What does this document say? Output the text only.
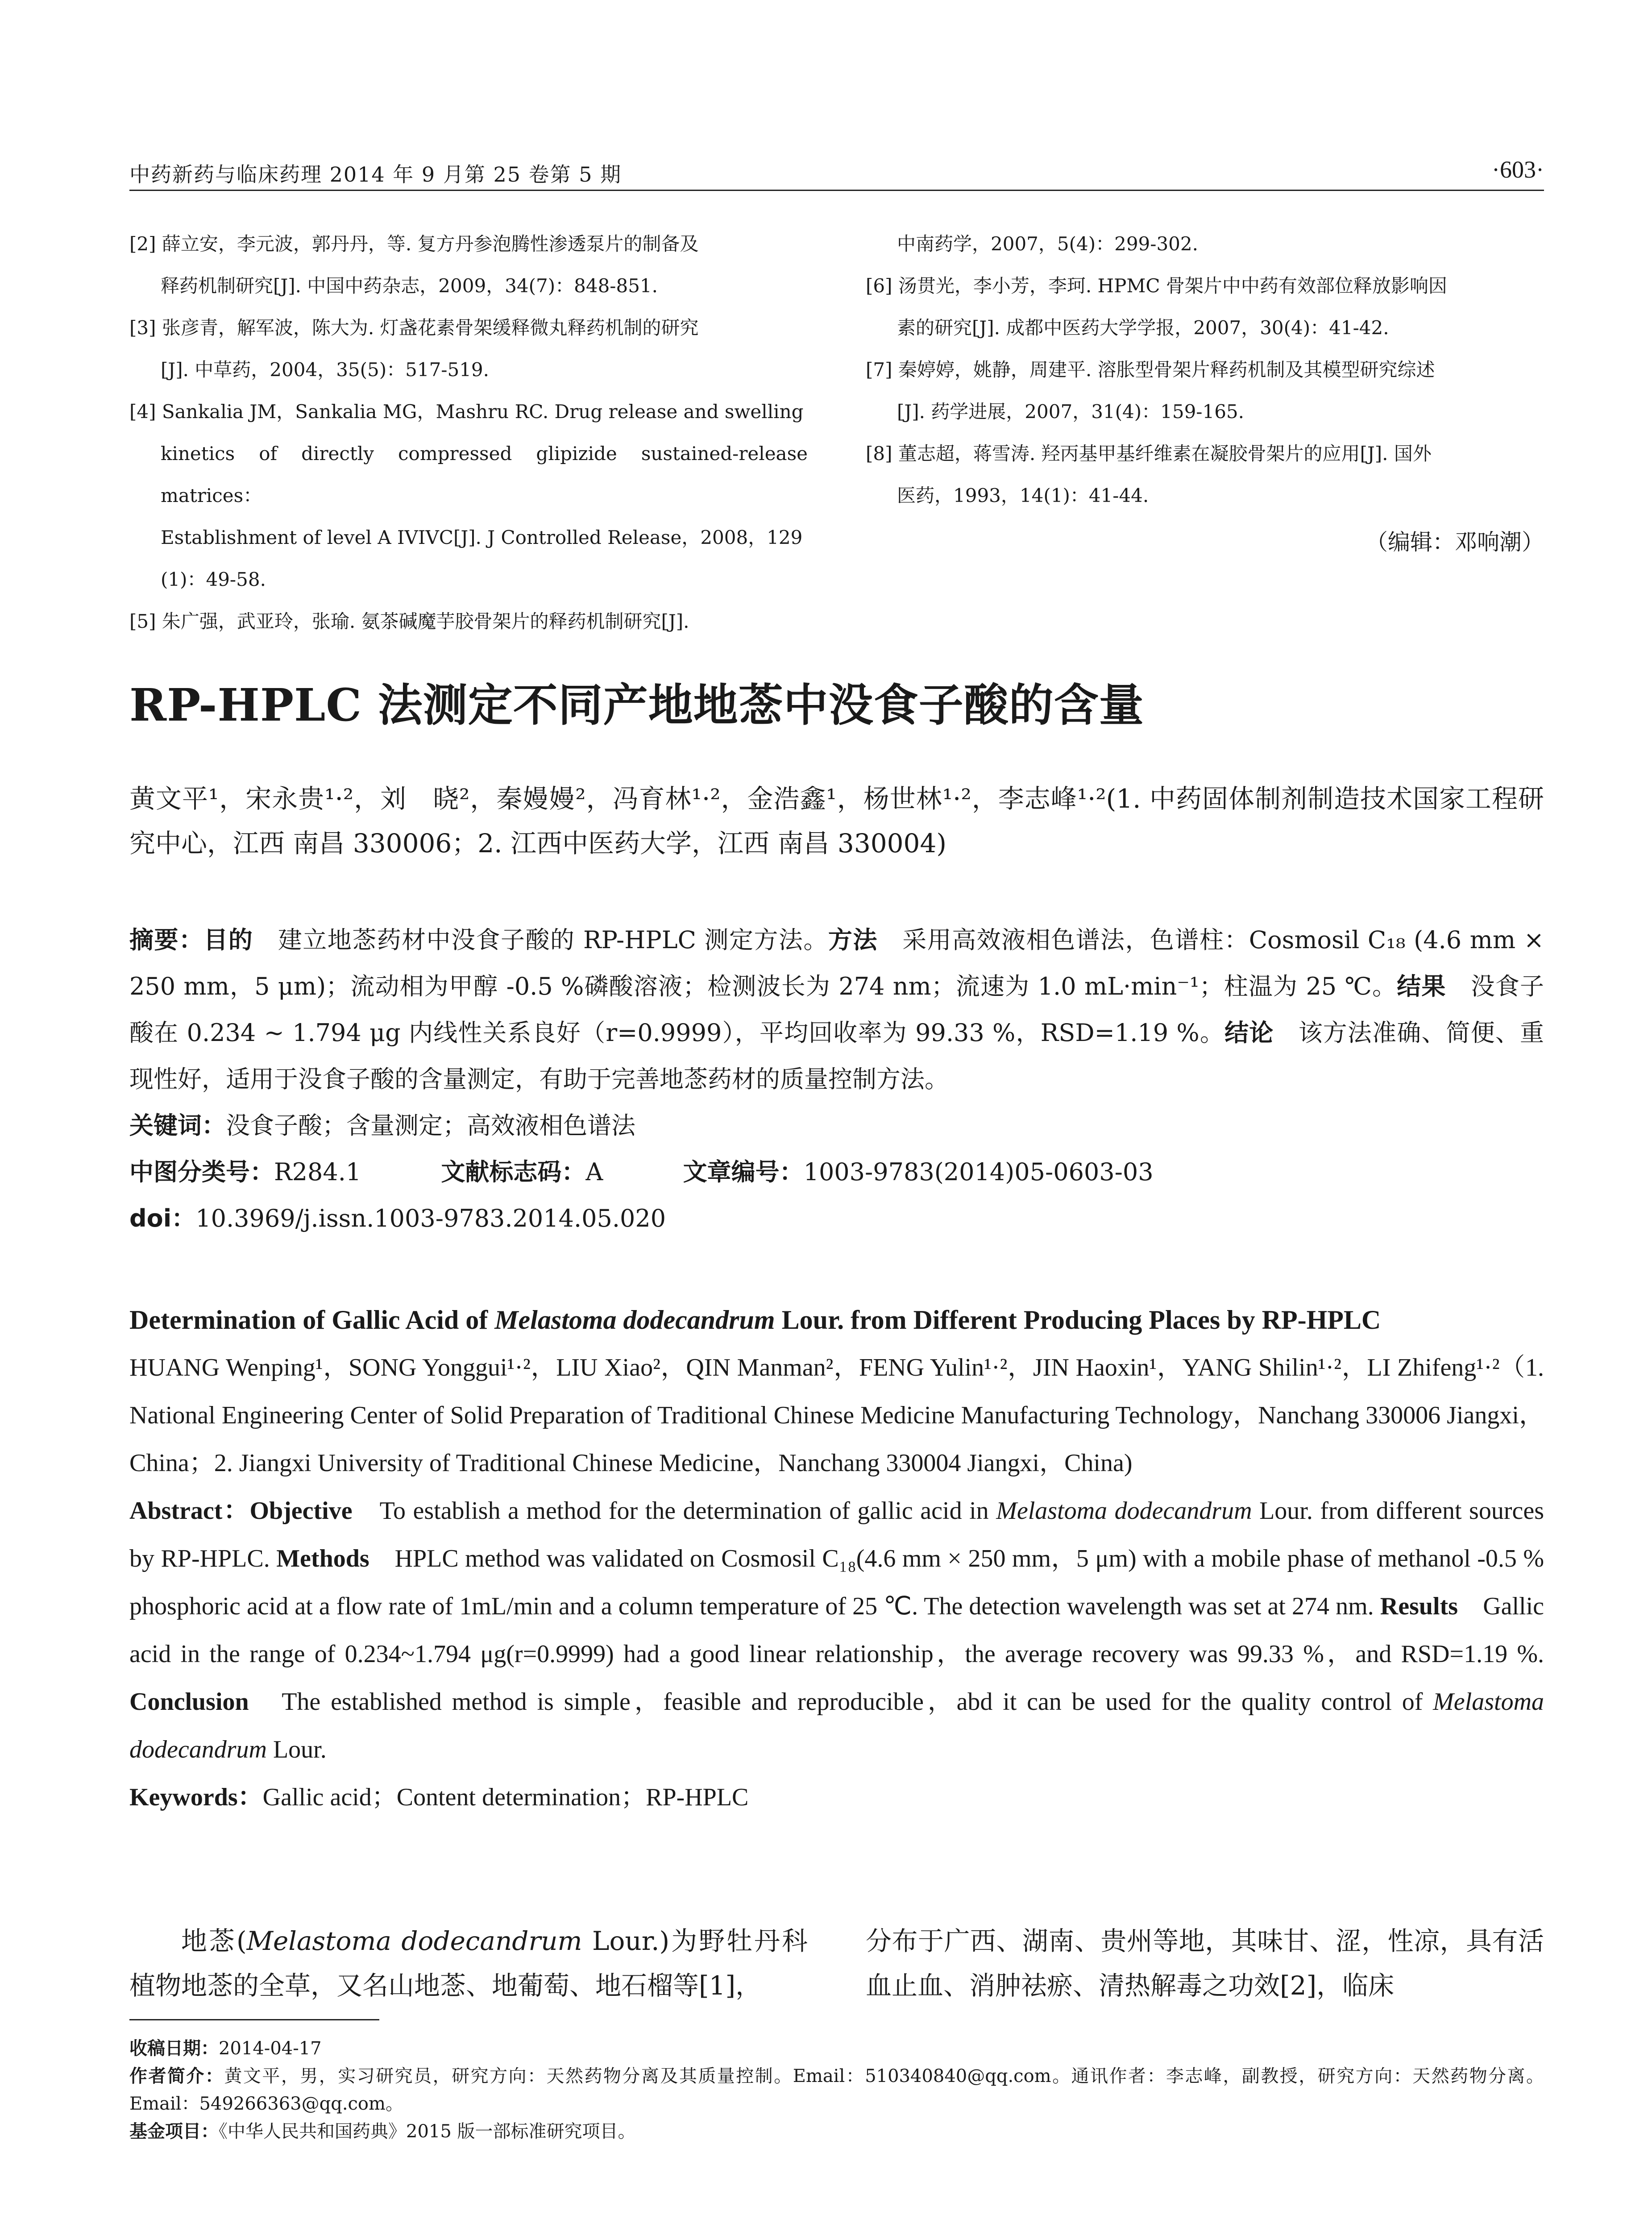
中药新药与临床药理 2014 年 9 月第 25 卷第 5 期	·603·
[2] 薛立安，李元波，郭丹丹，等. 复方丹参泡腾性渗透泵片的制备及
释药机制研究[J]. 中国中药杂志，2009，34(7)：848-851.
[3] 张彦青，解军波，陈大为. 灯盏花素骨架缓释微丸释药机制的研究
[J]. 中草药，2004，35(5)：517-519.
[4] Sankalia JM，Sankalia MG，Mashru RC. Drug release and swelling
kinetics of directly compressed glipizide sustained-release matrices：
Establishment of level A IVIVC[J]. J Controlled Release，2008，129
(1)：49-58.
[5] 朱广强，武亚玲，张瑜. 氨茶碱魔芋胶骨架片的释药机制研究[J].
中南药学，2007，5(4)：299-302.
[6] 汤贯光，李小芳，李珂. HPMC 骨架片中中药有效部位释放影响因
素的研究[J]. 成都中医药大学学报，2007，30(4)：41-42.
[7] 秦婷婷，姚静，周建平. 溶胀型骨架片释药机制及其模型研究综述
[J]. 药学进展，2007，31(4)：159-165.
[8] 董志超，蒋雪涛. 羟丙基甲基纤维素在凝胶骨架片的应用[J]. 国外
医药，1993，14(1)：41-44.
（编辑：邓响潮）
RP-HPLC 法测定不同产地地菍中没食子酸的含量
黄文平¹，宋永贵¹·²，刘　晓²，秦嫚嫚²，冯育林¹·²，金浩鑫¹，杨世林¹·²，李志峰¹·²(1. 中药固体制剂制造技术国家工程研究中心，江西 南昌 330006；2. 江西中医药大学，江西 南昌 330004)

摘要：目的　 建立地菍药材中没食子酸的 RP-HPLC 测定方法。方法　 采用高效液相色谱法，色谱柱：Cosmosil C₁₈ (4.6 mm × 250 mm，5 μm)；流动相为甲醇 -0.5 %磷酸溶液；检测波长为 274 nm；流速为 1.0 mL·min⁻¹；柱温为 25 ℃。结果　 没食子酸在 0.234 ~ 1.794 μg 内线性关系良好（r=0.9999），平均回收率为 99.33 %，RSD=1.19 %。结论　 该方法准确、简便、重现性好，适用于没食子酸的含量测定，有助于完善地菍药材的质量控制方法。

关键词：没食子酸；含量测定；高效液相色谱法

中图分类号：R284.1　　　	文献标志码：A　　　	文章编号：1003-9783(2014)05-0603-03

doi：10.3969/j.issn.1003-9783.2014.05.020

Determination of Gallic Acid of Melastoma dodecandrum Lour. from Different Producing Places by RP-HPLC

HUANG Wenping¹，SONG Yonggui¹·²，LIU Xiao²，QIN Manman²，FENG Yulin¹·²，JIN Haoxin¹，YANG Shilin¹·²，LI Zhifeng¹·²（1. National Engineering Center of Solid Preparation of Traditional Chinese Medicine Manufacturing Technology，Nanchang 330006 Jiangxi，China；2. Jiangxi University of Traditional Chinese Medicine，Nanchang 330004 Jiangxi，China)

Abstract：Objective　 To establish a method for the determination of gallic acid in Melastoma dodecandrum Lour. from different sources by RP-HPLC. Methods　 HPLC method was validated on Cosmosil C₁₈(4.6 mm × 250 mm，5 μm) with a mobile phase of methanol -0.5 % phosphoric acid at a flow rate of 1mL/min and a column temperature of 25 ℃. The detection wavelength was set at 274 nm. Results　 Gallic acid in the range of 0.234~1.794 μg(r=0.9999) had a good linear relationship，the average recovery was 99.33 %，and RSD=1.19 %. Conclusion　 The established method is simple，feasible and reproducible，abd it can be used for the quality control of Melastoma dodecandrum Lour.

Keywords：Gallic acid；Content determination；RP-HPLC

地菍(Melastoma dodecandrum Lour.)为野牡丹科植物地菍的全草，又名山地菍、地葡萄、地石榴等[1]，
分布于广西、湖南、贵州等地，其味甘、涩，性凉，具有活血止血、消肿祛瘀、清热解毒之功效[2]，临床

收稿日期：2014-04-17

作者简介：黄文平，男，实习研究员，研究方向：天然药物分离及其质量控制。Email：510340840@qq.com。通讯作者：李志峰，副教授，研究方向：天然药物分离。Email：549266363@qq.com。

基金项目：《中华人民共和国药典》2015 版一部标准研究项目。
